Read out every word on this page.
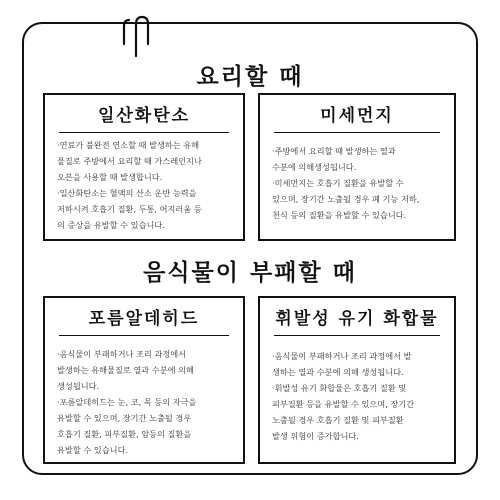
요리할 때
일산화탄소

·연료가 불완전 연소할 때 발생하는 유해

물질로 주방에서 요리할 때 가스레인지나

오븐을 사용할 때 발생합니다.

·일산화탄소는 혈액의 산소 운반 능력을

저하시켜 호흡기 질환, 두통, 어지러움 등

의 증상을 유발할 수 있습니다.

미세먼지

·주방에서 요리할 때 발생하는 열과

수분에 의해생성됩니다.

·미세먼지는 호흡기 질환을 유발할 수

있으며, 장기간 노출될 경우 폐 기능 저하,

천식 등의 질환을 유발할 수 있습니다.

음식물이 부패할 때
포름알데히드

·음식물이 부패하거나 조리 과정에서

발생하는 유해물질로 열과 수분에 의해

생성됩니다.

·포름알데히드는 눈, 코, 목 등의 자극을

유발할 수 있으며, 장기간 노출될 경우

호흡기 질환, 피부질환, 암등의 질환을

유발할 수 있습니다.

휘발성 유기 화합물

·음식물이 부패하거나 조리 과정에서 발

생하는 열과 수분에 의해 생성됩니다.

·휘발성 유기 화합물은 호흡기 질환 및

피부질환 등을 유발할 수 있으며, 장기간

노출될 경우 호흡기 질환 및 피부질환

발생 위험이 증가합니다.
